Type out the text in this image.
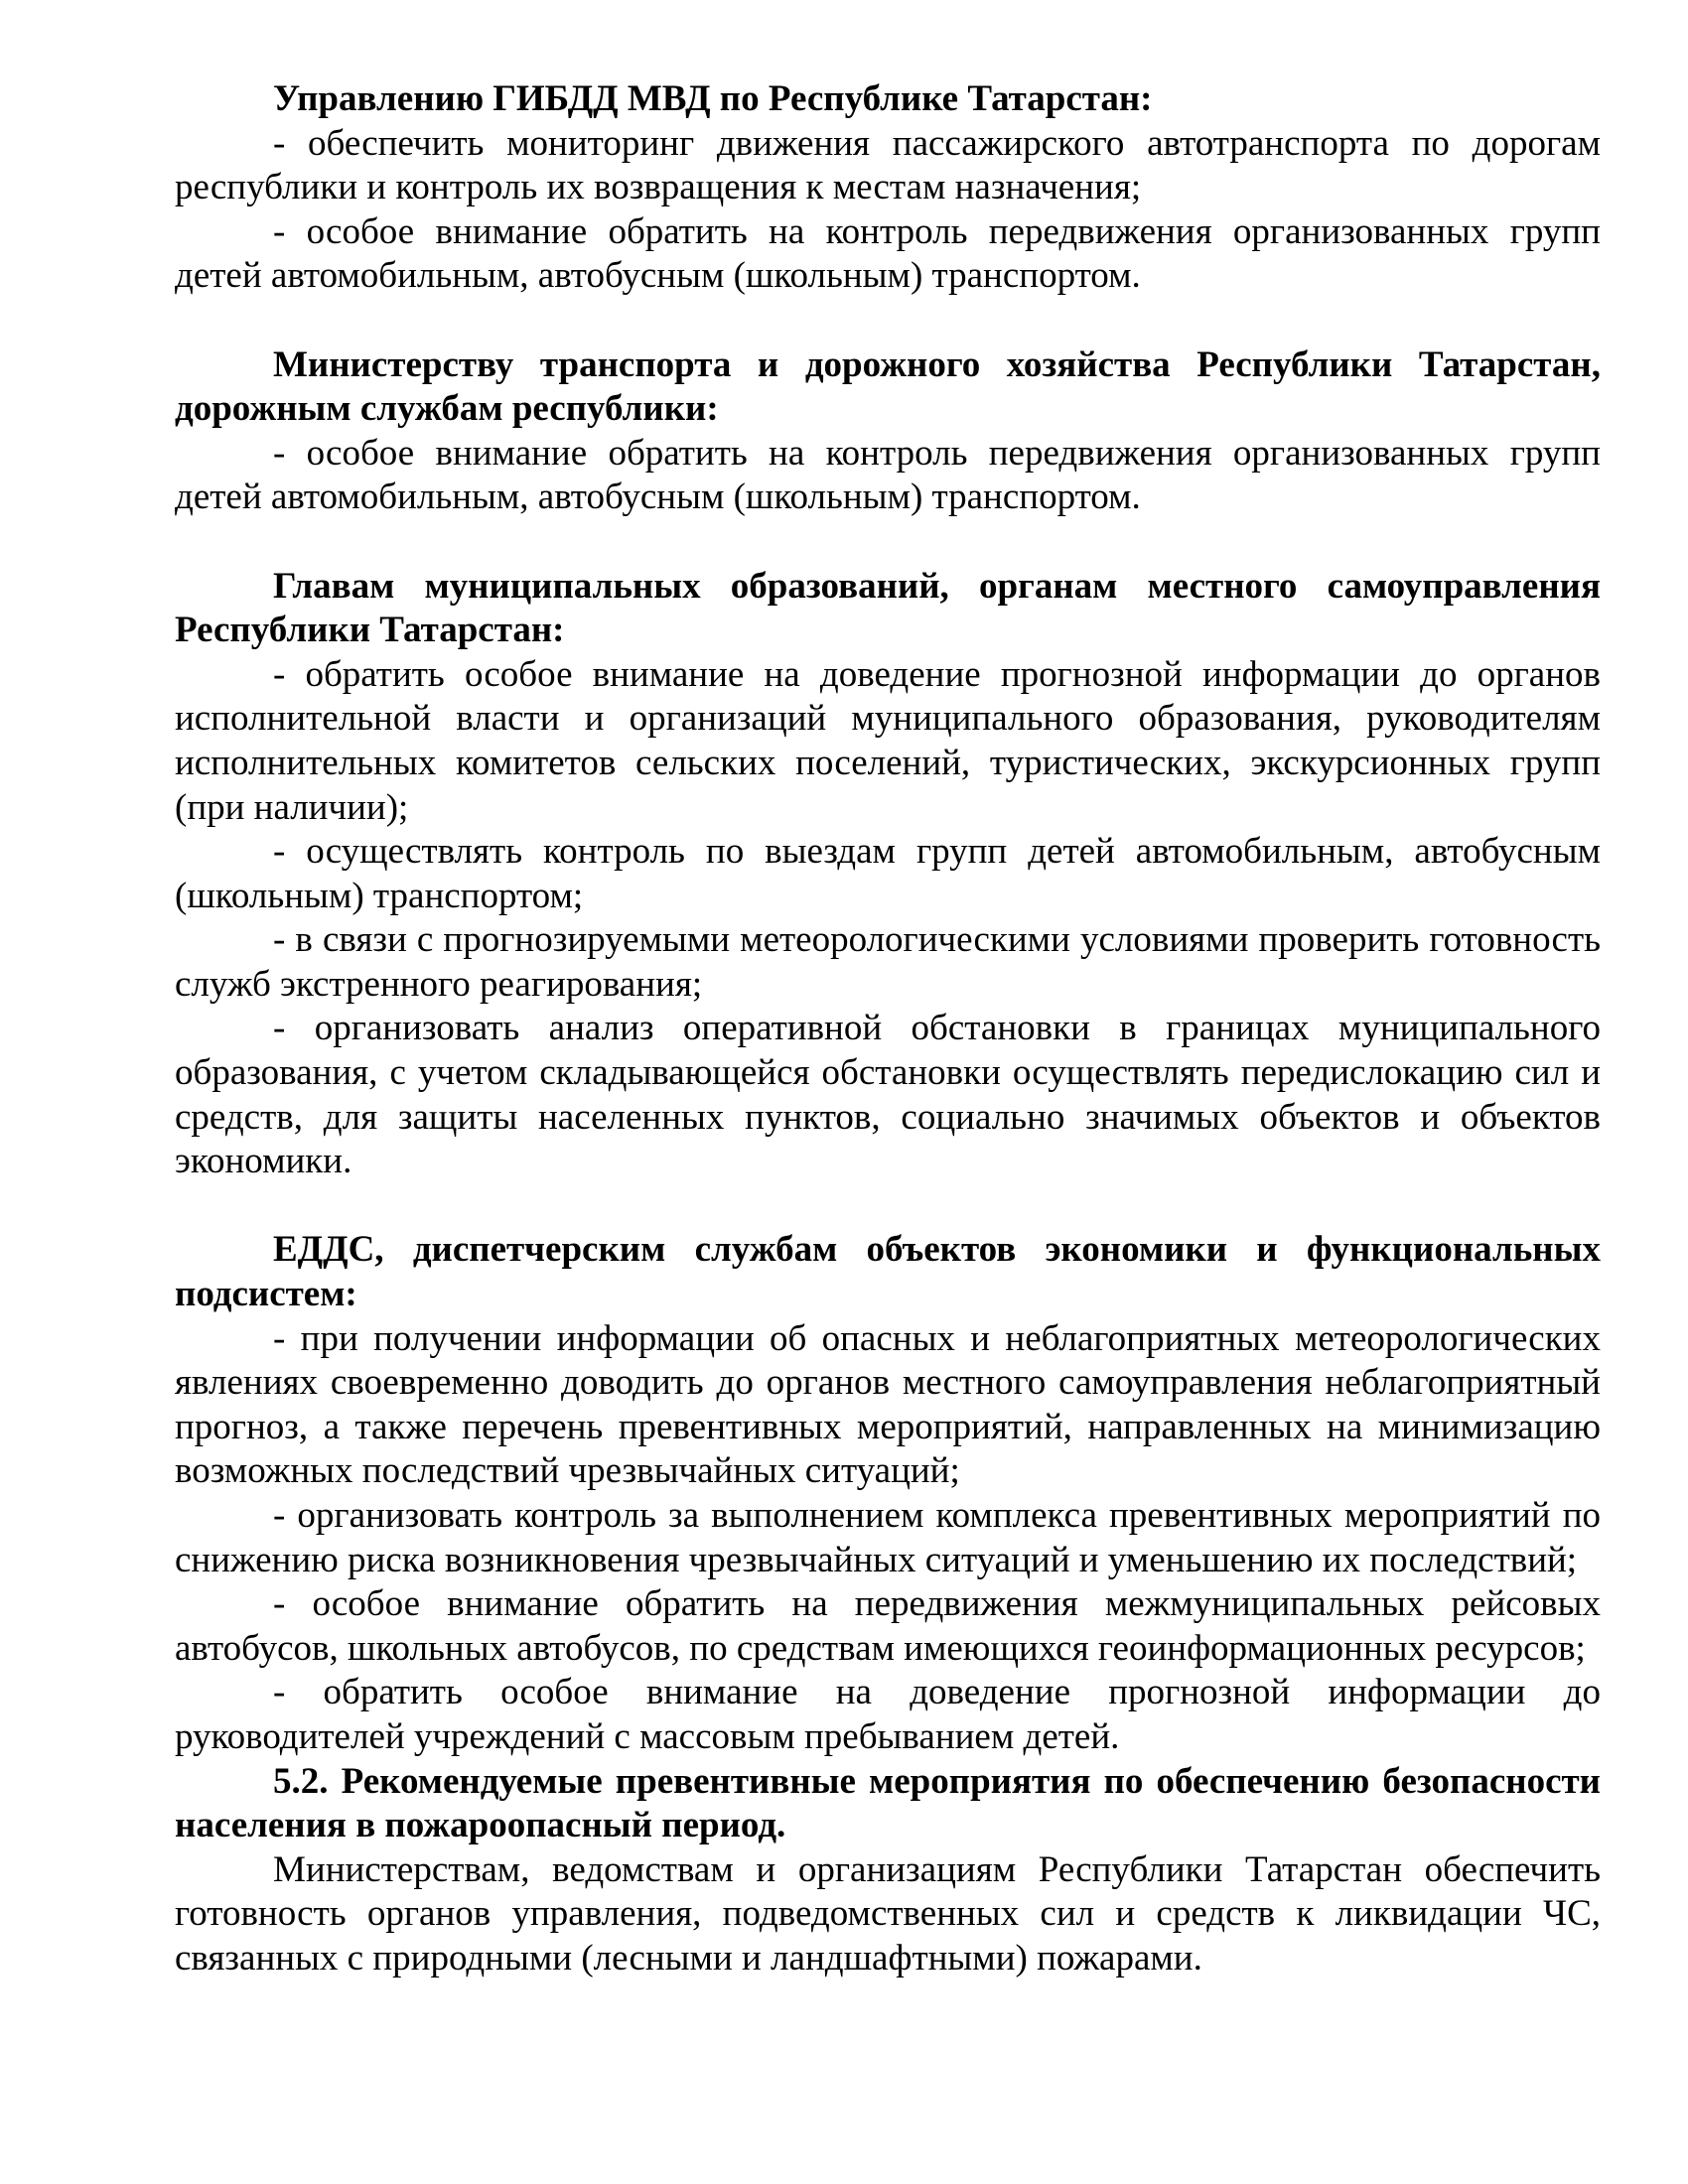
Управлению ГИБДД МВД по Республике Татарстан:

- обеспечить мониторинг движения пассажирского автотранспорта по дорогам республики и контроль их возвращения к местам назначения;

- особое внимание обратить на контроль передвижения организованных групп детей автомобильным, автобусным (школьным) транспортом.

Министерству транспорта и дорожного хозяйства Республики Татарстан, дорожным службам республики:

- особое внимание обратить на контроль передвижения организованных групп детей автомобильным, автобусным (школьным) транспортом.

Главам муниципальных образований, органам местного самоуправления Республики Татарстан:

- обратить особое внимание на доведение прогнозной информации до органов исполнительной власти и организаций муниципального образования, руководителям исполнительных комитетов сельских поселений, туристических, экскурсионных групп (при наличии);

- осуществлять контроль по выездам групп детей автомобильным, автобусным (школьным) транспортом;

- в связи с прогнозируемыми метеорологическими условиями проверить готовность служб экстренного реагирования;

- организовать анализ оперативной обстановки в границах муниципального образования, с учетом складывающейся обстановки осуществлять передислокацию сил и средств, для защиты населенных пунктов, социально значимых объектов и объектов экономики.

ЕДДС, диспетчерским службам объектов экономики и функциональных подсистем:

- при получении информации об опасных и неблагоприятных метеорологических явлениях своевременно доводить до органов местного самоуправления неблагоприятный прогноз, а также перечень превентивных мероприятий, направленных на минимизацию возможных последствий чрезвычайных ситуаций;

- организовать контроль за выполнением комплекса превентивных мероприятий по снижению риска возникновения чрезвычайных ситуаций и уменьшению их последствий;

- особое внимание обратить на передвижения межмуниципальных рейсовых автобусов, школьных автобусов, по средствам имеющихся геоинформационных ресурсов;

- обратить особое внимание на доведение прогнозной информации до руководителей учреждений с массовым пребыванием детей.

5.2. Рекомендуемые превентивные мероприятия по обеспечению безопасности населения в пожароопасный период.

Министерствам, ведомствам и организациям Республики Татарстан обеспечить готовность органов управления, подведомственных сил и средств к ликвидации ЧС, связанных с природными (лесными и ландшафтными) пожарами.
